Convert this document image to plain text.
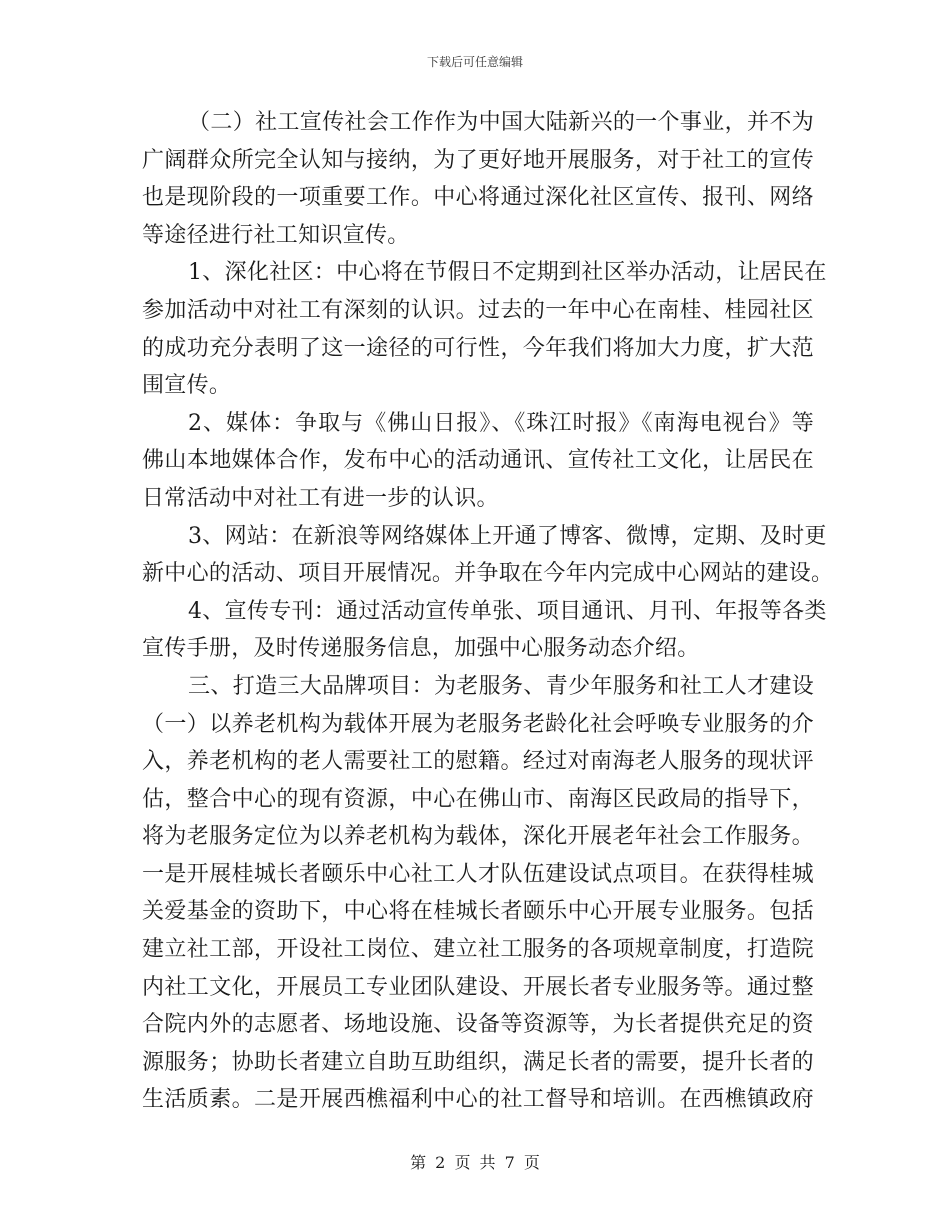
下载后可任意编辑
（二）社工宣传社会工作作为中国大陆新兴的一个事业，并不为
广阔群众所完全认知与接纳，为了更好地开展服务，对于社工的宣传
也是现阶段的一项重要工作。中心将通过深化社区宣传、报刊、网络
等途径进行社工知识宣传。
1、深化社区：中心将在节假日不定期到社区举办活动，让居民在
参加活动中对社工有深刻的认识。过去的一年中心在南桂、桂园社区
的成功充分表明了这一途径的可行性，今年我们将加大力度，扩大范
围宣传。
2、媒体：争取与《佛山日报》、《珠江时报》《南海电视台》等
佛山本地媒体合作，发布中心的活动通讯、宣传社工文化，让居民在
日常活动中对社工有进一步的认识。
3、网站：在新浪等网络媒体上开通了博客、微博，定期、及时更
新中心的活动、项目开展情况。并争取在今年内完成中心网站的建设。
4、宣传专刊：通过活动宣传单张、项目通讯、月刊、年报等各类
宣传手册，及时传递服务信息，加强中心服务动态介绍。
三、打造三大品牌项目：为老服务、青少年服务和社工人才建设
（一）以养老机构为载体开展为老服务老龄化社会呼唤专业服务的介
入，养老机构的老人需要社工的慰籍。经过对南海老人服务的现状评
估，整合中心的现有资源，中心在佛山市、南海区民政局的指导下，
将为老服务定位为以养老机构为载体，深化开展老年社会工作服务。
一是开展桂城长者颐乐中心社工人才队伍建设试点项目。在获得桂城
关爱基金的资助下，中心将在桂城长者颐乐中心开展专业服务。包括
建立社工部，开设社工岗位、建立社工服务的各项规章制度，打造院
内社工文化，开展员工专业团队建设、开展长者专业服务等。通过整
合院内外的志愿者、场地设施、设备等资源等，为长者提供充足的资
源服务；协助长者建立自助互助组织，满足长者的需要，提升长者的
生活质素。二是开展西樵福利中心的社工督导和培训。在西樵镇政府
第 2 页 共 7 页
